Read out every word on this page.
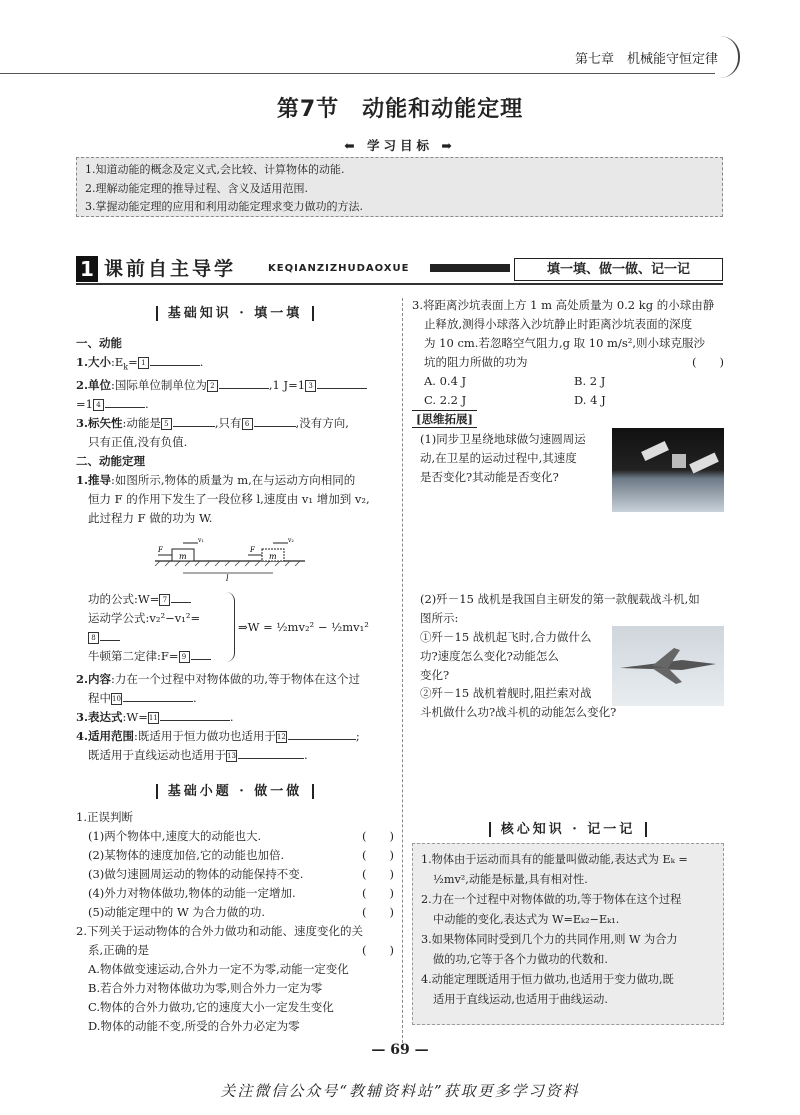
第七章　机械能守恒定律
第7节　动能和动能定理
⬅ 学习目标 ➡
1.知道动能的概念及定义式,会比较、计算物体的动能.
2.理解动能定理的推导过程、含义及适用范围.
3.掌握动能定理的应用和利用动能定理求变力做功的方法.
1 课前自主导学	KEQIANZIZHUDAOXUE	填一填、做一做、记一记
基础知识 · 填一填
一、动能
1.大小$:E_k= 1$	.
2.单位:国际单位制单位为 2	,1 J=1 3
=1 4	.
3.标矢性:动能是 5	,只有 6	,没有方向,
只有正值,没有负值.
二、动能定理
1.推导:如图所示,物体的质量为 m,在与运动方向相同的
恒力 F 的作用下发生了一段位移 l,速度由 v₁ 增加到 v₂,
此过程力 F 做的功为 W.
m	m
F	F
v₁	v₂
l
功的公式:W= 7
运动学公式:v₂²−v₁²=
8
牛顿第二定律:F= 9
⇒W = ½mv₂² − ½mv₁²
2.内容:力在一个过程中对物体做的功,等于物体在这个过
程中10	.
3.表达式:W=11	.
4.适用范围:既适用于恒力做功也适用于12	;
既适用于直线运动也适用于13	.
基础小题 · 做一做
1.正误判断
(1)两个物体中,速度大的动能也大.	(　　)
(2)某物体的速度加倍,它的动能也加倍.	(　　)
(3)做匀速圆周运动的物体的动能保持不变.	(　　)
(4)外力对物体做功,物体的动能一定增加.	(　　)
(5)动能定理中的 W 为合力做的功.	(　　)
2.下列关于运动物体的合外力做功和动能、速度变化的关
系,正确的是	(　　)
A.物体做变速运动,合外力一定不为零,动能一定变化
B.若合外力对物体做功为零,则合外力一定为零
C.物体的合外力做功,它的速度大小一定发生变化
D.物体的动能不变,所受的合外力必定为零
3.将距离沙坑表面上方 1 m 高处质量为 0.2 kg 的小球由静
止释放,测得小球落入沙坑静止时距离沙坑表面的深度
为 10 cm.若忽略空气阻力,g 取 10 m/s²,则小球克服沙
坑的阻力所做的功为	(　　)
A. 0.4 J	B. 2 J
C. 2.2 J	D. 4 J
[思维拓展]
(1)同步卫星绕地球做匀速圆周运
动,在卫星的运动过程中,其速度
是否变化?其动能是否变化?
(2)歼－15 战机是我国自主研发的第一款舰载战斗机,如
图所示:
①歼－15 战机起飞时,合力做什么
功?速度怎么变化?动能怎么
变化?
②歼－15 战机着舰时,阻拦索对战
斗机做什么功?战斗机的动能怎么变化?
核心知识 · 记一记
1.物体由于运动而具有的能量叫做动能,表达式为 Eₖ =
½mv²,动能是标量,具有相对性.
2.力在一个过程中对物体做的功,等于物体在这个过程
中动能的变化,表达式为 W=Eₖ₂−Eₖ₁.
3.如果物体同时受到几个力的共同作用,则 W 为合力
做的功,它等于各个力做功的代数和.
4.动能定理既适用于恒力做功,也适用于变力做功,既
适用于直线运动,也适用于曲线运动.
— 69 —
关注微信公众号“教辅资料站”获取更多学习资料
